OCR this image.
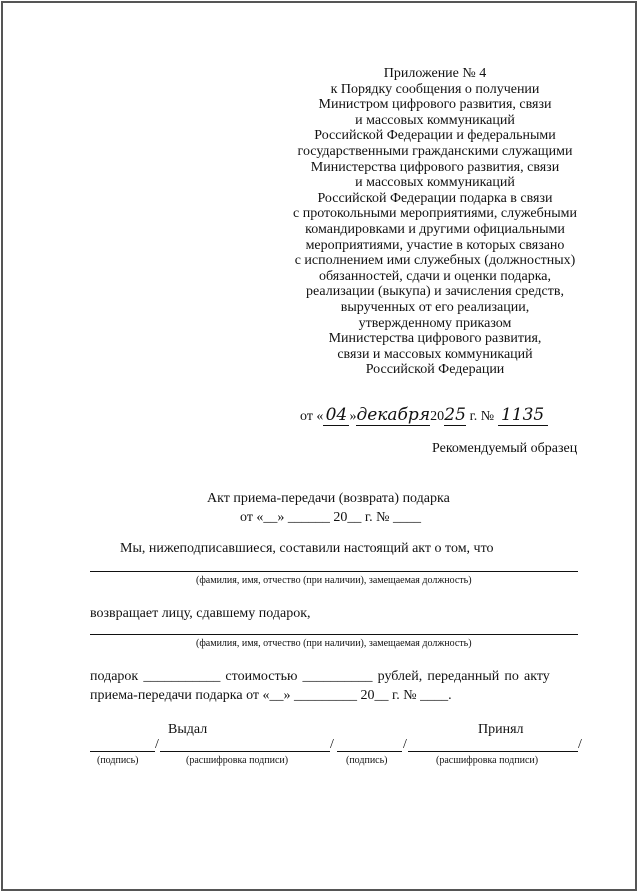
Приложение № 4
к Порядку сообщения о получении
Министром цифрового развития, связи
и массовых коммуникаций
Российской Федерации и федеральными
государственными гражданскими служащими
Министерства цифрового развития, связи
и массовых коммуникаций
Российской Федерации подарка в связи
с протокольными мероприятиями, служебными
командировками и другими официальными
мероприятиями, участие в которых связано
с исполнением ими служебных (должностных)
обязанностей, сдачи и оценки подарка,
реализации (выкупа) и зачисления средств,
вырученных от его реализации,
утвержденному приказом
Министерства цифрового развития,
связи и массовых коммуникаций
Российской Федерации
от « 04 »декабря2025 г. № 1135
Рекомендуемый образец
Акт приема-передачи (возврата) подарка
от «__» ______ 20__ г. № ____
Мы, нижеподписавшиеся, составили настоящий акт о том, что
(фамилия, имя, отчество (при наличии), замещаемая должность)
возвращает лицу, сдавшему подарок,
(фамилия, имя, отчество (при наличии), замещаемая должность)
подарок ___________ стоимостью __________ рублей, переданный по акту
приема-передачи подарка от «__» _________ 20__ г. № ____.
Выдал	Принял
/	/	/	/
(подпись)	(расшифровка подписи)	(подпись)	(расшифровка подписи)
